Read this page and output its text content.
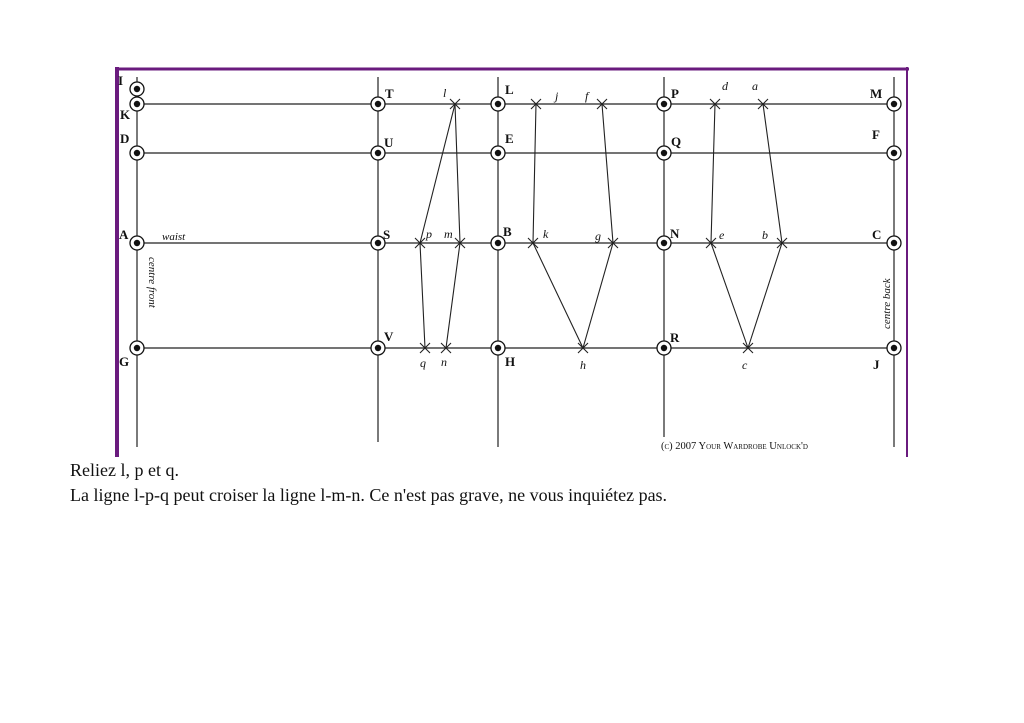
I
K
D
A
G
T
U
S
V
L
E
B
H
P
Q
N
R
M
F
C
J
l	j f
d a
p m	k	g	e	b
q n	h	c
waist
centre front	centre back
(c) 2007 Your Wardrobe Unlock'd
Reliez l, p et q.
La ligne l-p-q peut croiser la ligne l-m-n. Ce n'est pas grave, ne vous inquiétez pas.
